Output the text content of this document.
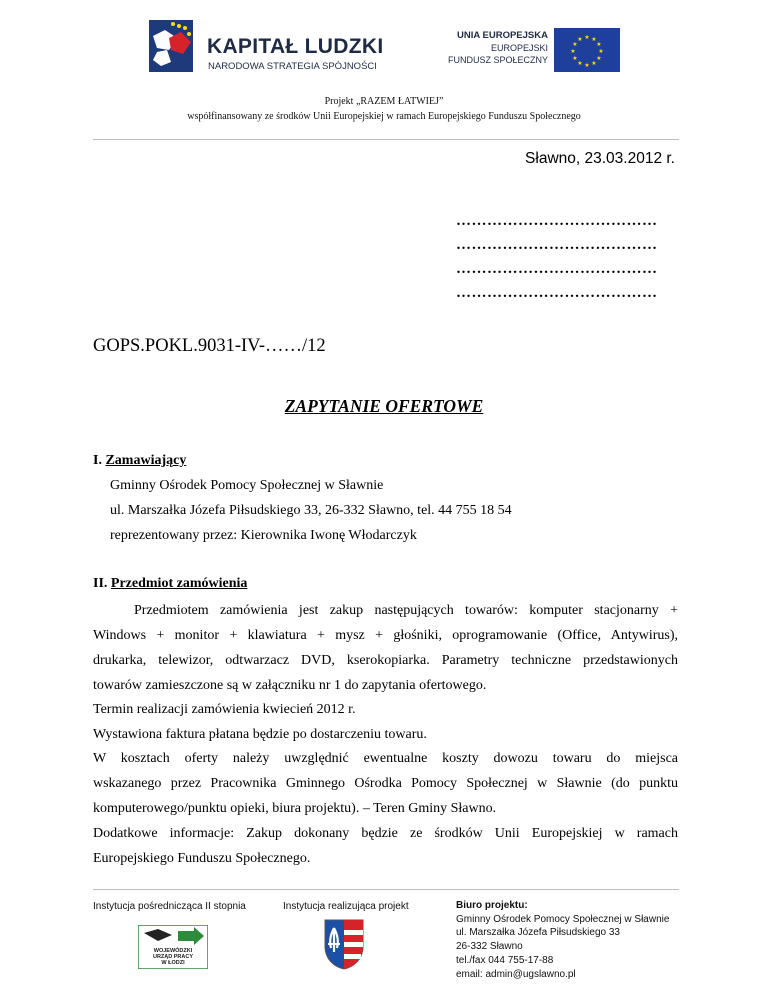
KAPITAŁ LUDZKI
NARODOWA STRATEGIA SPÓJNOŚCI
UNIA EUROPEJSKA
EUROPEJSKI
FUNDUSZ SPOŁECZNY
★ ★
★
★
★
★
★
★
★
★
★
★
Projekt „RAZEM ŁATWIEJ”
współfinansowany ze środków Unii Europejskiej w ramach Europejskiego Funduszu Społecznego
Sławno, 23.03.2012 r.
…………………………………
…………………………………
…………………………………
…………………………………
GOPS.POKL.9031-IV-……/12
ZAPYTANIE OFERTOWE
I. Zamawiający
Gminny Ośrodek Pomocy Społecznej w Sławnie
ul. Marszałka Józefa Piłsudskiego 33, 26-332 Sławno, tel. 44 755 18 54
reprezentowany przez: Kierownika Iwonę Włodarczyk
II. Przedmiot zamówienia
Przedmiotem zamówienia jest zakup następujących towarów: komputer stacjonarny +
Windows + monitor + klawiatura + mysz + głośniki, oprogramowanie (Office, Antywirus),
drukarka, telewizor, odtwarzacz DVD, kserokopiarka. Parametry techniczne przedstawionych
towarów zamieszczone są w załączniku nr 1 do zapytania ofertowego.
Termin realizacji zamówienia kwiecień 2012 r.
Wystawiona faktura płatana będzie po dostarczeniu towaru.
W kosztach oferty należy uwzględnić ewentualne koszty dowozu towaru do miejsca
wskazanego przez Pracownika Gminnego Ośrodka Pomocy Społecznej w Sławnie (do punktu
komputerowego/punktu opieki, biura projektu). – Teren Gminy Sławno.
Dodatkowe informacje: Zakup dokonany będzie ze środków Unii Europejskiej w ramach
Europejskiego Funduszu Społecznego.
Instytucja pośrednicząca II stopnia	Instytucja realizująca projekt
WOJEWÓDZKI
URZĄD PRACY
W ŁODZI
Biuro projektu:
Gminny Ośrodek Pomocy Społecznej w Sławnie
ul. Marszałka Józefa Piłsudskiego 33
26-332 Sławno
tel./fax 044 755-17-88
email: admin@ugslawno.pl
